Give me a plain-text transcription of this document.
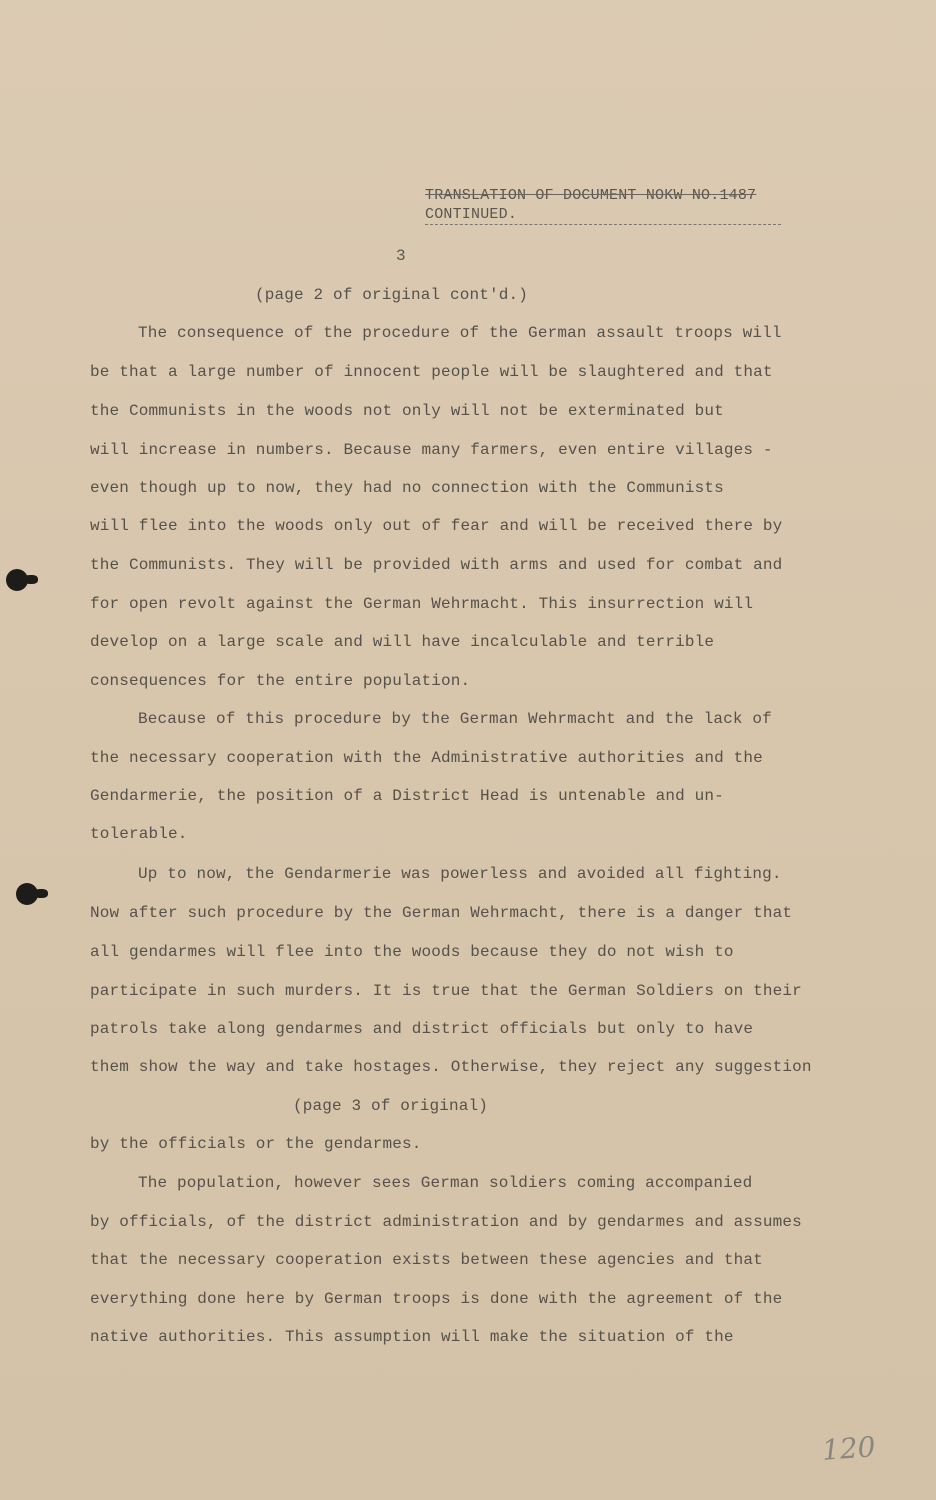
TRANSLATION OF DOCUMENT NOKW NO.1487
CONTINUED.
3
(page 2 of original cont'd.)
The consequence of the procedure of the German assault troops will
be that a large number of innocent people will be slaughtered and that
the Communists in the woods not only will not be exterminated but
will increase in numbers. Because many farmers, even entire villages -
even though up to now, they had no connection with the Communists
will flee into the woods only out of fear and will be received there by
the Communists. They will be provided with arms and used for combat and
for open revolt against the German Wehrmacht. This insurrection will
develop on a large scale and will have incalculable and terrible
consequences for the entire population.
Because of this procedure by the German Wehrmacht and the lack of
the necessary cooperation with the Administrative authorities and the
Gendarmerie, the position of a District Head is untenable and un-
tolerable.
Up to now, the Gendarmerie was powerless and avoided all fighting.
Now after such procedure by the German Wehrmacht, there is a danger that
all gendarmes will flee into the woods because they do not wish to
participate in such murders. It is true that the German Soldiers on their
patrols take along gendarmes and district officials but only to have
them show the way and take hostages. Otherwise, they reject any suggestion
(page 3 of original)
by the officials or the gendarmes.
The population, however sees German soldiers coming accompanied
by officials, of the district administration and by gendarmes and assumes
that the necessary cooperation exists between these agencies and that
everything done here by German troops is done with the agreement of the
native authorities. This assumption will make the situation of the
120
